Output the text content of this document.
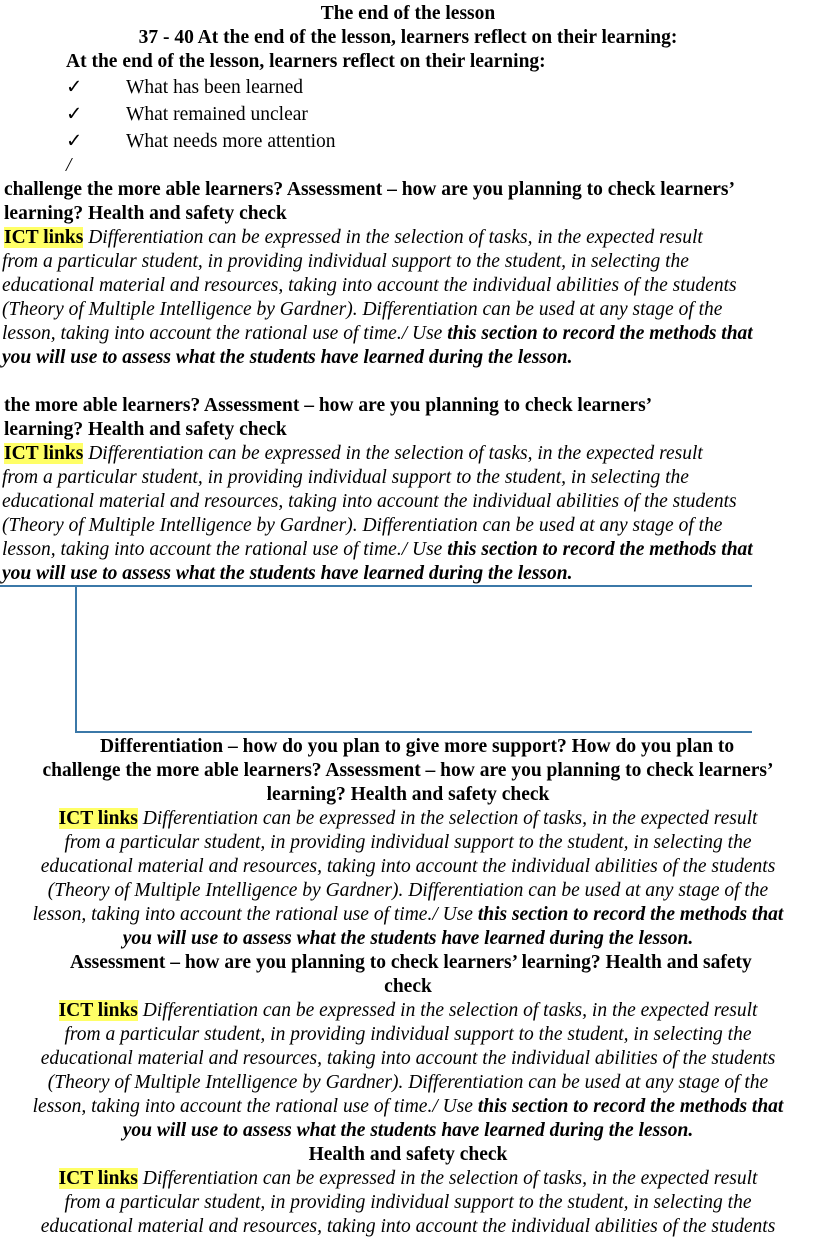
The end of the lesson
37 - 40 At the end of the lesson, learners reflect on their learning:
At the end of the lesson, learners reflect on their learning:
✓ What has been learned
✓ What remained unclear
✓ What needs more attention
/
challenge the more able learners? Assessment – how are you planning to check learners’
learning? Health and safety check
ICT links Differentiation can be expressed in the selection of tasks, in the expected result
from a particular student, in providing individual support to the student, in selecting the
educational material and resources, taking into account the individual abilities of the students
(Theory of Multiple Intelligence by Gardner). Differentiation can be used at any stage of the
lesson, taking into account the rational use of time./ Use this section to record the methods that
you will use to assess what the students have learned during the lesson.
the more able learners? Assessment – how are you planning to check learners’
learning? Health and safety check
ICT links Differentiation can be expressed in the selection of tasks, in the expected result
from a particular student, in providing individual support to the student, in selecting the
educational material and resources, taking into account the individual abilities of the students
(Theory of Multiple Intelligence by Gardner). Differentiation can be used at any stage of the
lesson, taking into account the rational use of time./ Use this section to record the methods that
you will use to assess what the students have learned during the lesson.
Differentiation – how do you plan to give more support? How do you plan to
challenge the more able learners? Assessment – how are you planning to check learners’
learning? Health and safety check
ICT links Differentiation can be expressed in the selection of tasks, in the expected result
from a particular student, in providing individual support to the student, in selecting the
educational material and resources, taking into account the individual abilities of the students
(Theory of Multiple Intelligence by Gardner). Differentiation can be used at any stage of the
lesson, taking into account the rational use of time./ Use this section to record the methods that
you will use to assess what the students have learned during the lesson.
Assessment – how are you planning to check learners’ learning? Health and safety
check
ICT links Differentiation can be expressed in the selection of tasks, in the expected result
from a particular student, in providing individual support to the student, in selecting the
educational material and resources, taking into account the individual abilities of the students
(Theory of Multiple Intelligence by Gardner). Differentiation can be used at any stage of the
lesson, taking into account the rational use of time./ Use this section to record the methods that
you will use to assess what the students have learned during the lesson.
Health and safety check
ICT links Differentiation can be expressed in the selection of tasks, in the expected result
from a particular student, in providing individual support to the student, in selecting the
educational material and resources, taking into account the individual abilities of the students
